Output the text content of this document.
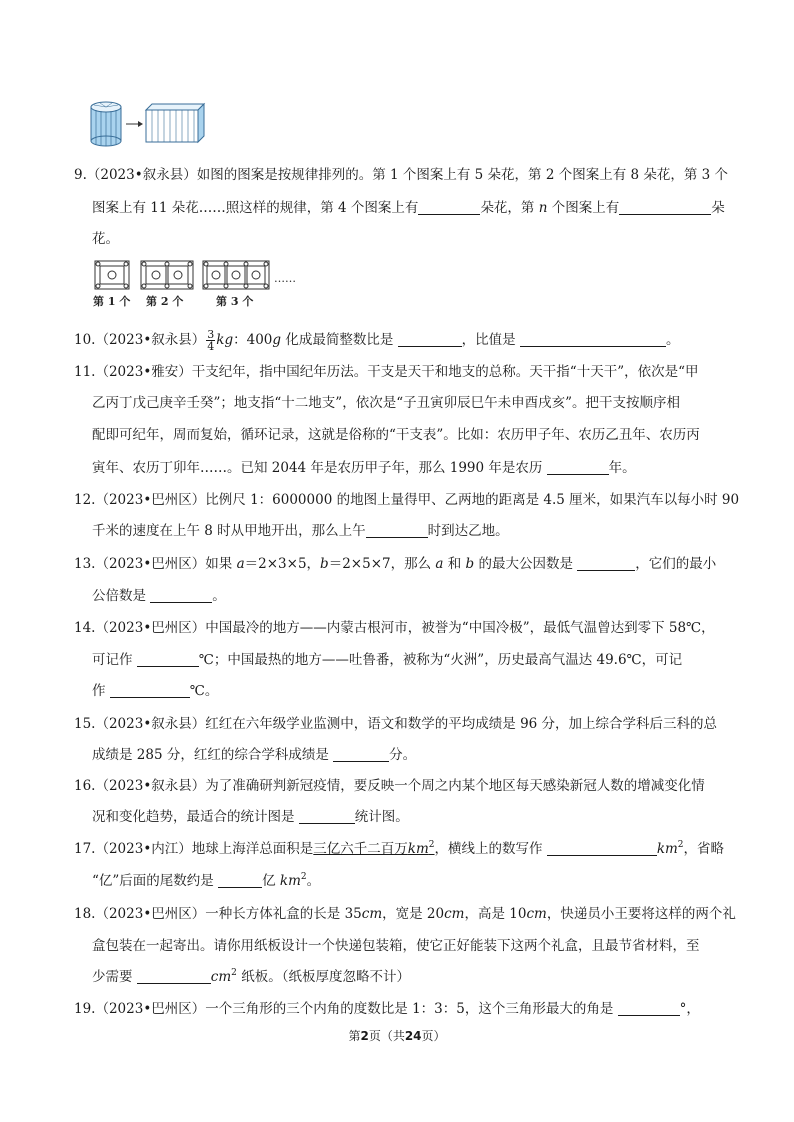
9.（2023•叙永县）如图的图案是按规律排列的。第 1 个图案上有 5 朵花，第 2 个图案上有 8 朵花，第 3 个
图案上有 11 朵花……照这样的规律，第 4 个图案上有	朵花，第 n 个图案上有	朵
花。
第 1 个 第 2 个	第 3 个
……
10.（2023•叙永县） $\frac{3}{4}$ kg：400g 化成最简整数比是	，比值是	。
11.（2023•雅安）干支纪年，指中国纪年历法。干支是天干和地支的总称。天干指“十天干”，依次是“甲
乙丙丁戊己庚辛壬癸”；地支指“十二地支”，依次是“子丑寅卯辰巳午未申酉戌亥”。把干支按顺序相
配即可纪年，周而复始，循环记录，这就是俗称的“干支表”。比如：农历甲子年、农历乙丑年、农历丙
寅年、农历丁卯年……。已知 2044 年是农历甲子年，那么 1990 年是农历	年。
12.（2023•巴州区）比例尺 1：6000000 的地图上量得甲、乙两地的距离是 4.5 厘米，如果汽车以每小时 90
千米的速度在上午 8 时从甲地开出，那么上午	时到达乙地。
13.（2023•巴州区）如果 a＝2×3×5，b＝2×5×7，那么 a 和 b 的最大公因数是	，它们的最小
公倍数是	。
14.（2023•巴州区）中国最冷的地方——内蒙古根河市，被誉为“中国冷极”，最低气温曾达到零下 58℃，
可记作	℃；中国最热的地方——吐鲁番，被称为“火洲”，历史最高气温达 49.6℃，可记
作	℃。
15.（2023•叙永县）红红在六年级学业监测中，语文和数学的平均成绩是 96 分，加上综合学科后三科的总
成绩是 285 分，红红的综合学科成绩是	分。
16.（2023•叙永县）为了准确研判新冠疫情，要反映一个周之内某个地区每天感染新冠人数的增减变化情
况和变化趋势，最适合的统计图是	统计图。
17.（2023•内江）地球上海洋总面积是三亿六千二百万$km^2$，横线上的数写作	$km^2$，省略
“亿”后面的尾数约是	亿 $km^2$。
18.（2023•巴州区）一种长方体礼盒的长是 35cm，宽是 20cm，高是 10cm，快递员小王要将这样的两个礼
盒包装在一起寄出。请你用纸板设计一个快递包装箱，使它正好能装下这两个礼盒，且最节省材料，至
少需要	$cm^2$ 纸板。（纸板厚度忽略不计）
19.（2023•巴州区）一个三角形的三个内角的度数比是 1：3：5，这个三角形最大的角是	°，
第2页（共24页）
